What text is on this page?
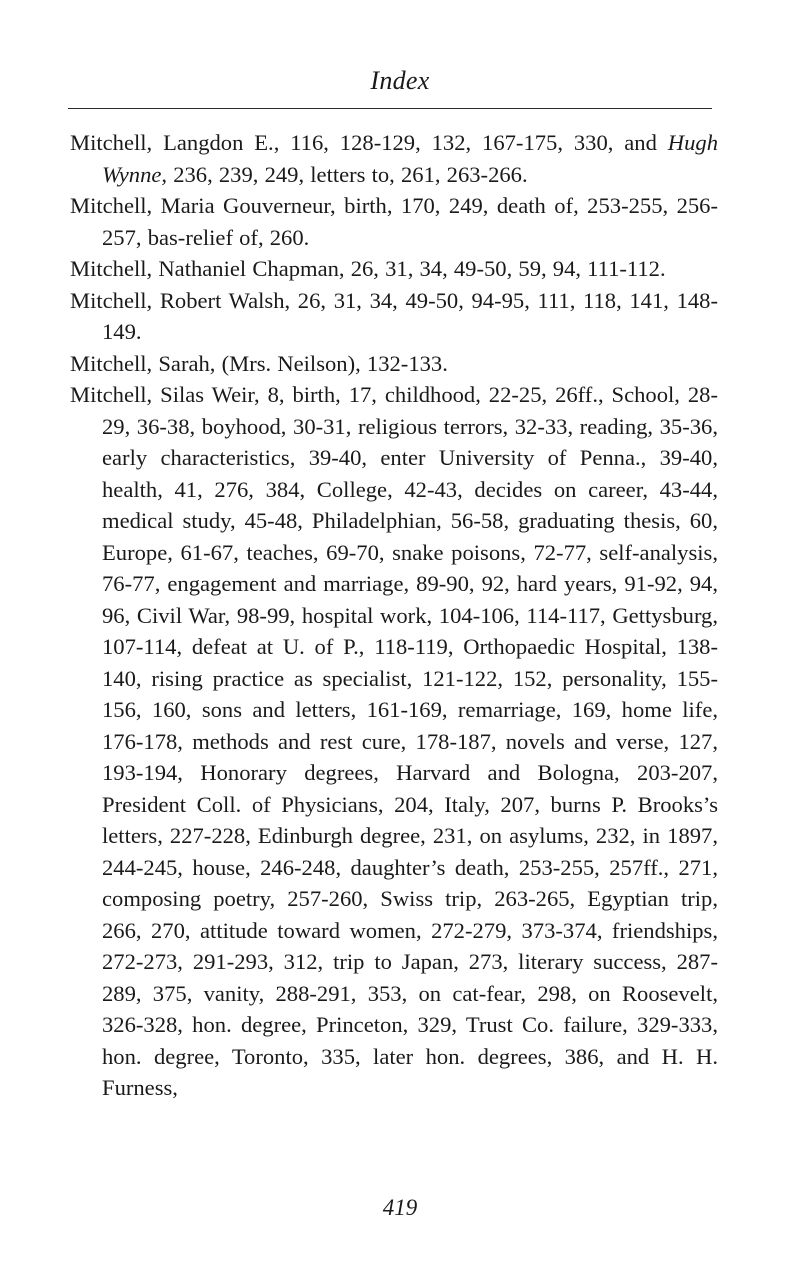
Index

Mitchell, Langdon E., 116, 128-129, 132, 167-175, 330, and Hugh Wynne, 236, 239, 249, letters to, 261, 263-266.

Mitchell, Maria Gouverneur, birth, 170, 249, death of, 253-255, 256-257, bas-relief of, 260.

Mitchell, Nathaniel Chapman, 26, 31, 34, 49-50, 59, 94, 111-112.

Mitchell, Robert Walsh, 26, 31, 34, 49-50, 94-95, 111, 118, 141, 148-149.

Mitchell, Sarah, (Mrs. Neilson), 132-133.

Mitchell, Silas Weir, 8, birth, 17, childhood, 22-25, 26ff., School, 28-29, 36-38, boyhood, 30-31, religious terrors, 32-33, reading, 35-36, early characteristics, 39-40, enter University of Penna., 39-40, health, 41, 276, 384, College, 42-43, decides on career, 43-44, medical study, 45-48, Philadelphian, 56-58, graduating thesis, 60, Europe, 61-67, teaches, 69-70, snake poisons, 72-77, self-analysis, 76-77, engagement and marriage, 89-90, 92, hard years, 91-92, 94, 96, Civil War, 98-99, hospital work, 104-106, 114-117, Gettysburg, 107-114, defeat at U. of P., 118-119, Orthopaedic Hospital, 138-140, rising practice as specialist, 121-122, 152, personality, 155-156, 160, sons and letters, 161-169, remarriage, 169, home life, 176-178, methods and rest cure, 178-187, novels and verse, 127, 193-194, Honorary degrees, Harvard and Bologna, 203-207, President Coll. of Physicians, 204, Italy, 207, burns P. Brooks’s letters, 227-228, Edinburgh degree, 231, on asylums, 232, in 1897, 244-245, house, 246-248, daughter’s death, 253-255, 257ff., 271, composing poetry, 257-260, Swiss trip, 263-265, Egyptian trip, 266, 270, attitude toward women, 272-279, 373-374, friendships, 272-273, 291-293, 312, trip to Japan, 273, literary success, 287-289, 375, vanity, 288-291, 353, on cat-fear, 298, on Roosevelt, 326-328, hon. degree, Princeton, 329, Trust Co. failure, 329-333, hon. degree, Toronto, 335, later hon. degrees, 386, and H. H. Furness,

419
